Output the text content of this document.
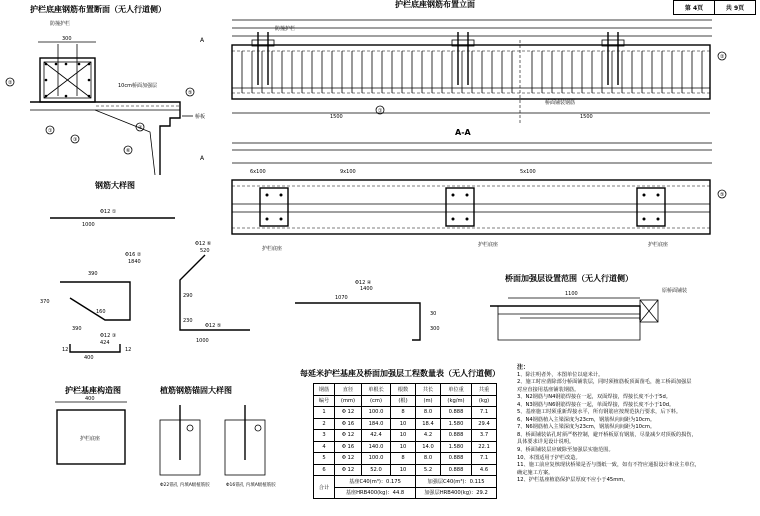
第 4页	共 9页
护栏底座钢筋布置断面（无人行道侧）
护栏底座钢筋布置立面
A-A
钢筋大样图
桥面加强层设置范围（无人行道侧）
护栏基座构造图	植筋钢筋锚固大样图
每延米护栏基座及桥面加强层工程数量表（无人行道侧）
防撞护栏
300
10cm桥面加强层
桥板
②
①
③
⑥
⑤
④
A
防撞护栏
桥面铺装钢筋
1500	1500
②
①
A
6x100	9x100	5x100
护栏底座
护栏底座	护栏底座
⑤
1100	原桥面铺装
Φ12 ①
1000
Φ16 ②
1840
390
370
390
160
400
12	12
Φ12 ③
424
Φ12 ⑥
520
290
230
1000
Φ12 ⑤
Φ12 ④
1400
1070
30
300
400
护栏底座
Φ22锚孔 内填A级植筋胶	Φ16锚孔 内填A级植筋胶
钢筋	直径	单根长	根数	共长	单位重	共重
编号	(mm)	(cm)	(根)	(m)	(kg/m)	(kg)
1	Φ 12	100.0	8	8.0	0.888	7.1
2	Φ 16	184.0	10	18.4	1.580	29.4
3	Φ 12	42.4	10	4.2	0.888	3.7
4	Φ 16	140.0	10	14.0	1.580	22.1
5	Φ 12	100.0	8	8.0	0.888	7.1
6	Φ 12	52.0	10	5.2	0.888	4.6
合计	基座C40(m³)：0.175			加强层C40(m³)：0.115		
	基座HRB400(kg)：44.8			加强层HRB400(kg)：29.2		
注：
1、除注明者外，本图单位以毫米计。
2、施工时应凿除部分桥面铺装层，同时须植筋板顶面凿毛，施工桥面加强层
对应直接用基座铺装钢筋。
3、N2钢筋与N4钢筋焊接在一起，双面焊接，焊接长度不小于5d。
4、N3钢筋与N6钢筋焊接在一起，单面焊接，焊接长度不小于10d。
5、基座施工时须重新焊接水平，所有钢筋应按规范执行要求，后下料。
6、N4钢筋植入主梁深度为23cm，钢筋纵向间距为10cm。
7、N6钢筋植入主梁深度为23cm，钢筋纵向间距为10cm。
8、桥面铺装钻孔时须严格控制，避开桥板原有钢筋，尽量减少对顶板的损伤，
具体要求详见设计说明。
9、桥面铺装层应破除至加强层实施范围。
10、本图适用于护栏改造。
11、施工前应复核现状桥梁是否与图纸一致，如有不符应通报设计和业主单位，
确定施工方案。
12、护栏基座植筋保护层厚度不应小于45mm。
